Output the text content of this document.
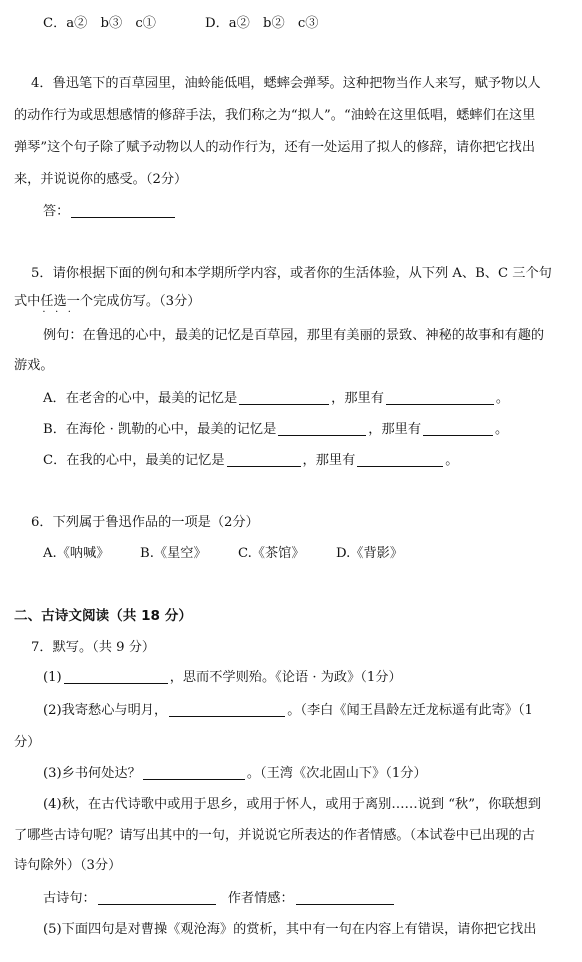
C．a②　b③　c①	D．a②　b②　c③
4．鲁迅笔下的百草园里，油蛉能低唱，蟋蟀会弹琴。这种把物当作人来写，赋予物以人
的动作行为或思想感情的修辞手法，我们称之为“拟人”。“油蛉在这里低唱，蟋蟀们在这里
弹琴”这个句子除了赋予动物以人的动作行为，还有一处运用了拟人的修辞，请你把它找出
来，并说说你的感受。（2分）
答：
5．请你根据下面的例句和本学期所学内容，或者你的生活体验，从下列 A、B、C 三个句
式中任选一个 ·   ·完成仿写。（3分）
例句：在鲁迅的心中，最美的记忆是百草园，那里有美丽的景致、神秘的故事和有趣的
游戏。
A．在老舍的心中，最美的记忆是	，那里有	。
B．在海伦 · 凯勒的心中，最美的记忆是	，那里有	。
C．在我的心中，最美的记忆是	，那里有	。
6．下列属于鲁迅作品的一项是（2分）
A.《呐喊》 B.《星空》 C.《茶馆》 D.《背影》
二、古诗文阅读（共 18 分）
7．默写。（共 9 分）
(1)	，思而不学则殆。《论语 · 为政》（1分）
(2)我寄愁心与明月，	。（李白《闻王昌龄左迁龙标遥有此寄》（1
分）
(3)乡书何处达？	。（王湾《次北固山下》（1分）
(4)秋，在古代诗歌中或用于思乡，或用于怀人，或用于离别……说到 “秋”，你联想到
了哪些古诗句呢？请写出其中的一句，并说说它所表达的作者情感。（本试卷中已出现的古
诗句除外）（3分）
古诗句：	作者情感：
(5)下面四句是对曹操《观沧海》的赏析，其中有一句在内容上有错误，请你把它找出
